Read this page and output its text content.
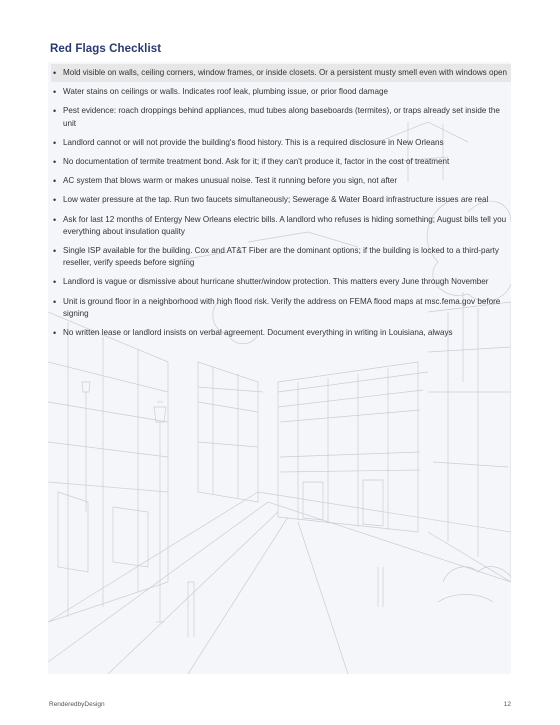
Red Flags Checklist
• Mold visible on walls, ceiling corners, window frames, or inside closets. Or a persistent musty smell even with windows open
• Water stains on ceilings or walls. Indicates roof leak, plumbing issue, or prior flood damage
• Pest evidence: roach droppings behind appliances, mud tubes along baseboards (termites), or traps already set inside the unit
• Landlord cannot or will not provide the building's flood history. This is a required disclosure in New Orleans
• No documentation of termite treatment bond. Ask for it; if they can't produce it, factor in the cost of treatment
• AC system that blows warm or makes unusual noise. Test it running before you sign, not after
• Low water pressure at the tap. Run two faucets simultaneously; Sewerage & Water Board infrastructure issues are real
• Ask for last 12 months of Entergy New Orleans electric bills. A landlord who refuses is hiding something; August bills tell you everything about insulation quality
• Single ISP available for the building. Cox and AT&T Fiber are the dominant options; if the building is locked to a third-party reseller, verify speeds before signing
• Landlord is vague or dismissive about hurricane shutter/window protection. This matters every June through November
• Unit is ground floor in a neighborhood with high flood risk. Verify the address on FEMA flood maps at msc.fema.gov before signing
• No written lease or landlord insists on verbal agreement. Document everything in writing in Louisiana, always
RenderedbyDesign	12
